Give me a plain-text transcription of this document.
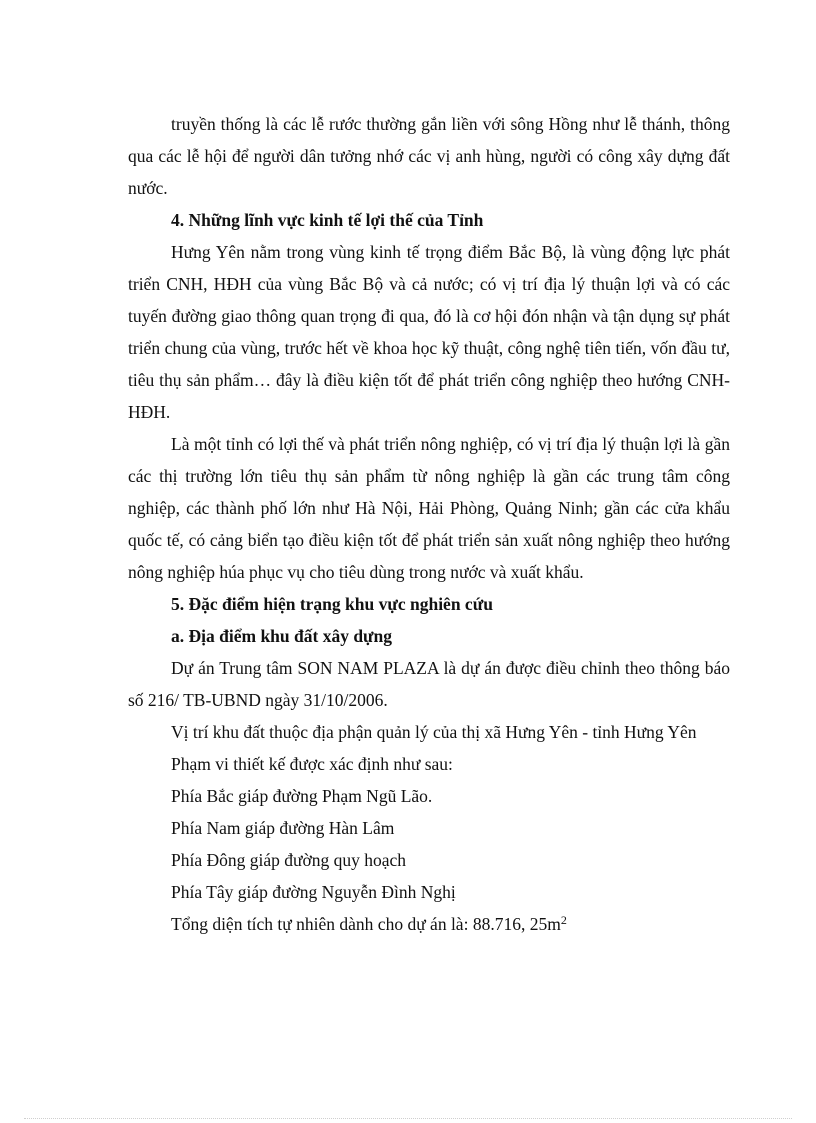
truyền thống là các lễ rước thường gắn liền với sông Hồng như lễ thánh, thông qua các lễ hội để người dân tưởng nhớ các vị anh hùng, người có công xây dựng đất nước.

4. Những lĩnh vực kinh tế lợi thế của Tỉnh

Hưng Yên nằm trong vùng kinh tế trọng điểm Bắc Bộ, là vùng động lực phát triển CNH, HĐH của vùng Bắc Bộ và cả nước; có vị trí địa lý thuận lợi và có các tuyến đường giao thông quan trọng đi qua, đó là cơ hội đón nhận và tận dụng sự phát triển chung của vùng, trước hết về khoa học kỹ thuật, công nghệ tiên tiến, vốn đầu tư, tiêu thụ sản phẩm… đây là điều kiện tốt để phát triển công nghiệp theo hướng CNH-HĐH.

Là một tỉnh có lợi thế và phát triển nông nghiệp, có vị trí địa lý thuận lợi là gần các thị trường lớn tiêu thụ sản phẩm từ nông nghiệp là gần các trung tâm công nghiệp, các thành phố lớn như Hà Nội, Hải Phòng, Quảng Ninh; gần các cửa khẩu quốc tế, có cảng biển tạo điều kiện tốt để phát triển sản xuất nông nghiệp theo hướng nông nghiệp húa phục vụ cho tiêu dùng trong nước và xuất khẩu.

5. Đặc điểm hiện trạng khu vực nghiên cứu
a. Địa điểm khu đất xây dựng

Dự án Trung tâm SON NAM PLAZA là dự án được điều chỉnh theo thông báo số 216/ TB-UBND ngày 31/10/2006.

Vị trí khu đất thuộc địa phận quản lý của thị xã Hưng Yên - tỉnh Hưng Yên

Phạm vi thiết kế được xác định như sau:

Phía Bắc giáp đường Phạm Ngũ Lão.

Phía Nam giáp đường Hàn Lâm

Phía Đông giáp đường quy hoạch

Phía Tây giáp đường Nguyễn Đình Nghị

Tổng diện tích tự nhiên dành cho dự án là: 88.716, $25m^2$
